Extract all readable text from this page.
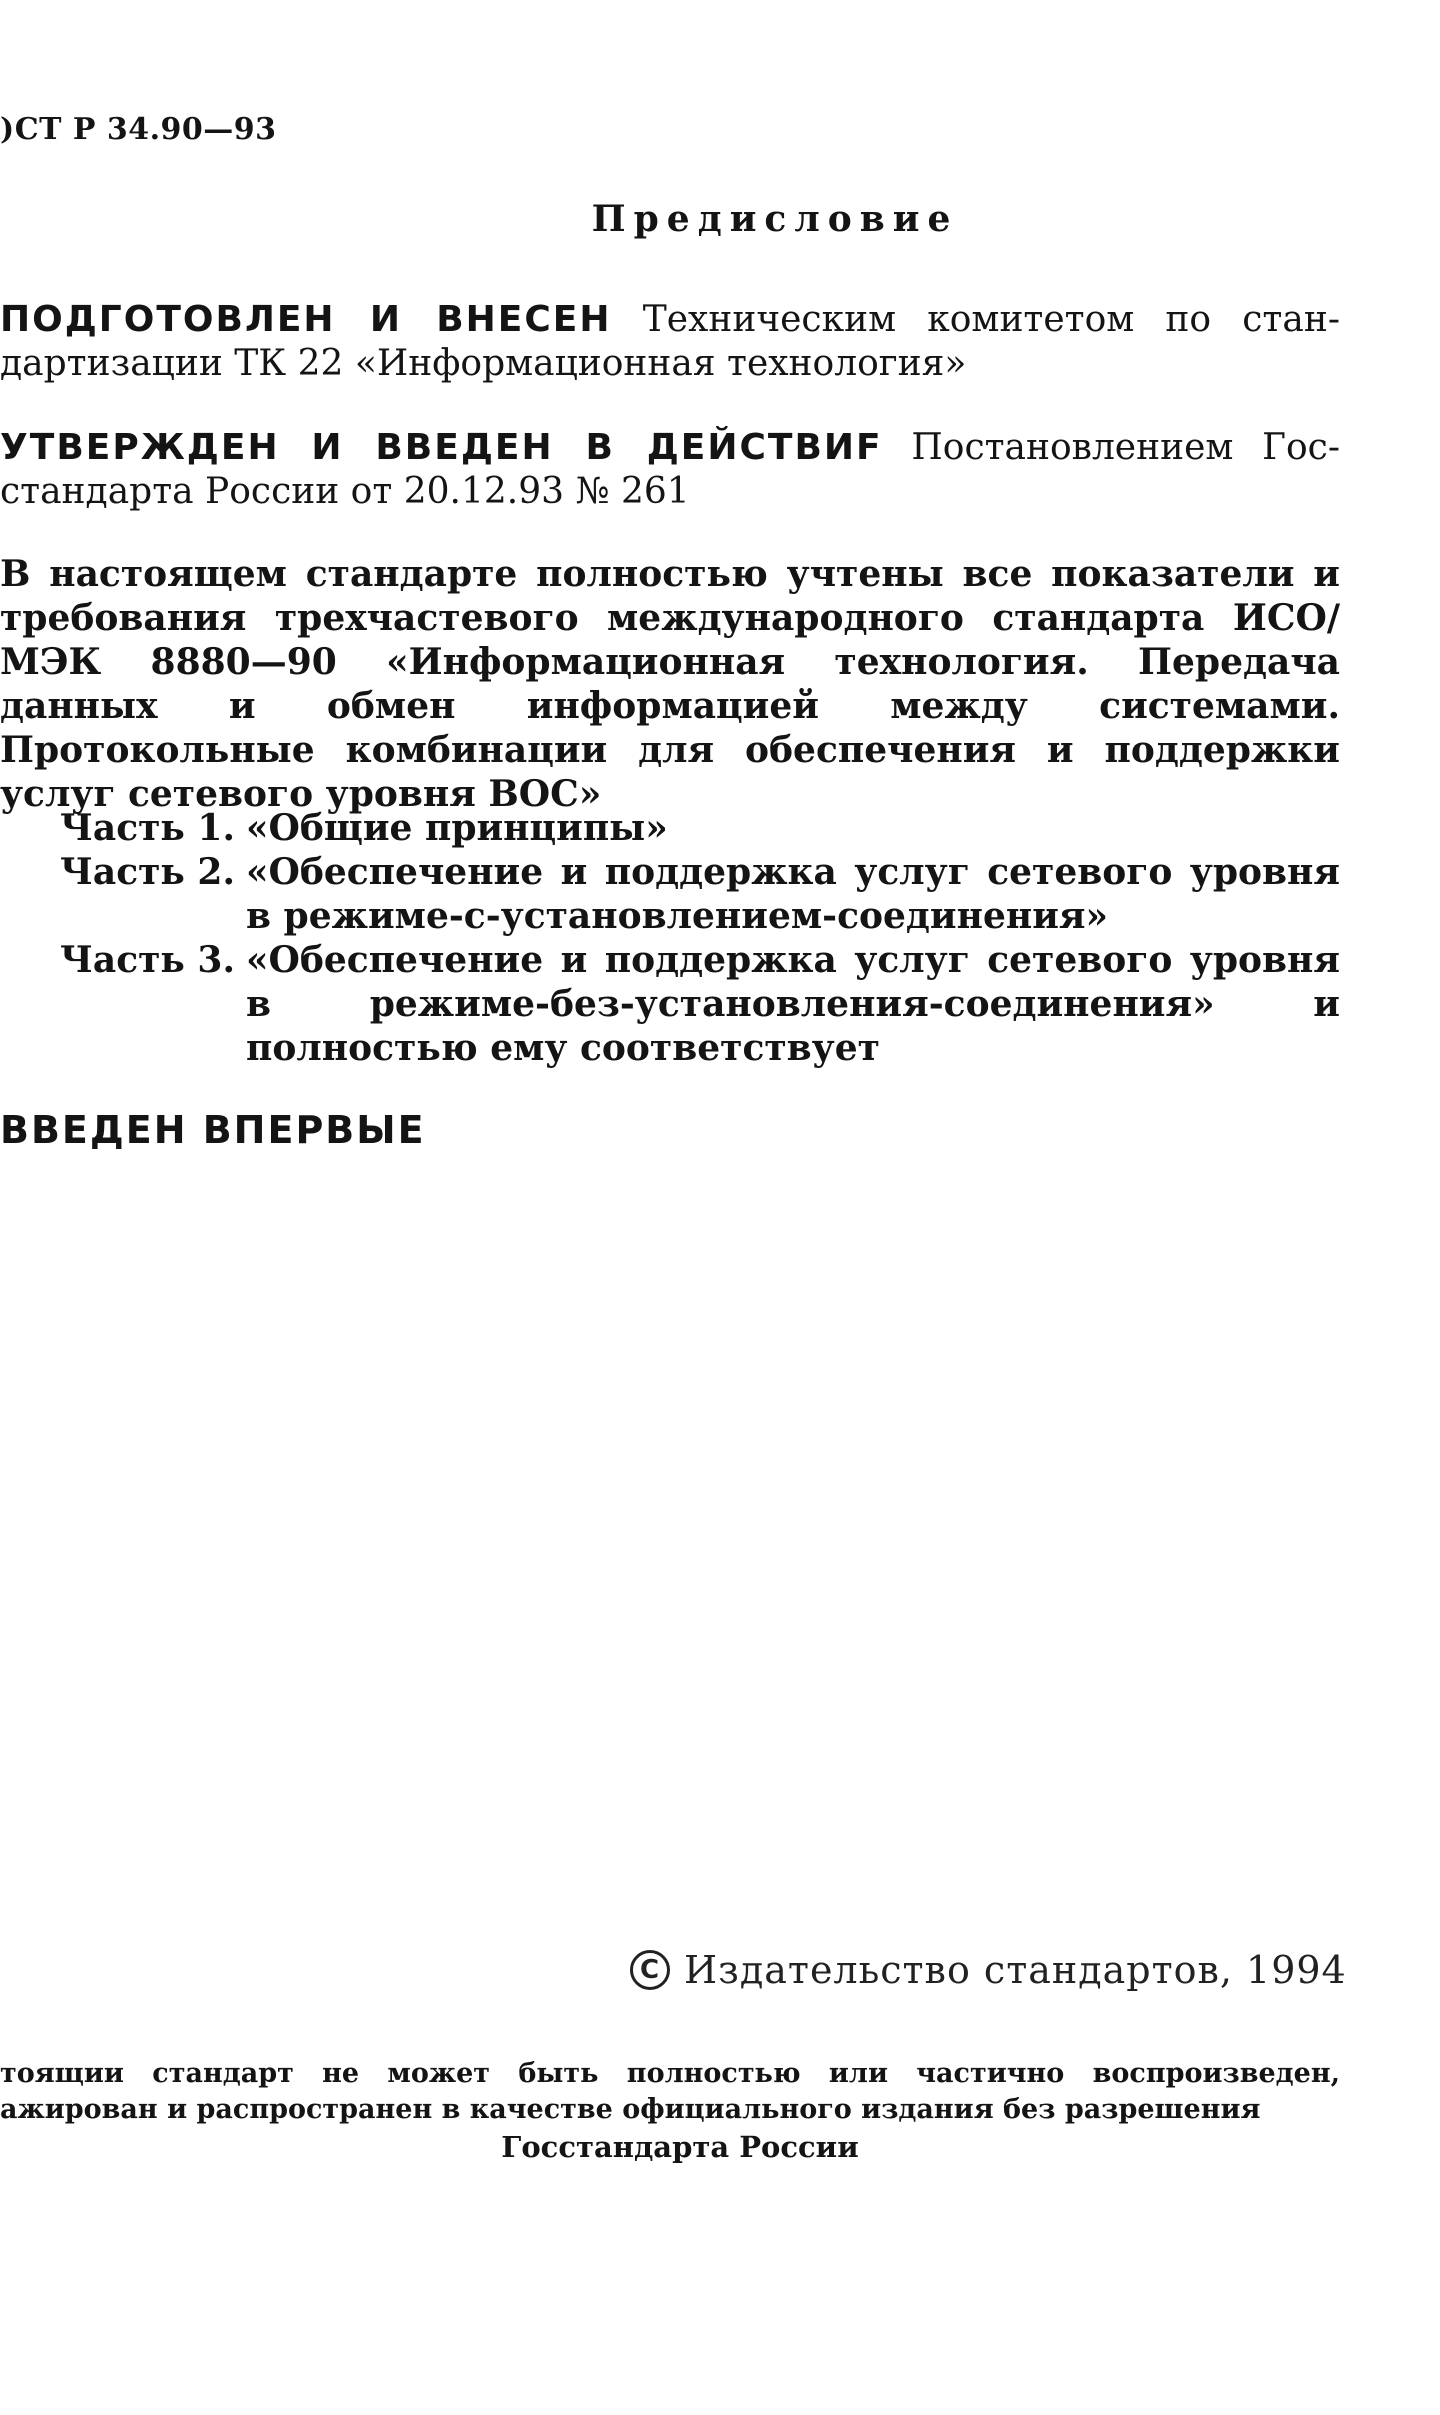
)СТ Р 34.90—93
Предисловие
ПОДГОТОВЛЕН И ВНЕСЕН Техническим комитетом по стандартизации ТК 22 «Информационная технология»
УТВЕРЖДЕН И ВВЕДЕН В ДЕЙСТВИF Постановлением Госстандарта России от 20.12.93 № 261
В настоящем стандарте полностью учтены все показатели и требования трехчастевого международного стандарта ИСО/МЭК 8880—90 «Информационная технология. Передача данных и обмен информацией между системами. Протокольные комбинации для обеспечения и поддержки услуг сетевого уровня ВОС»
Часть 1. «Общие принципы»
Часть 2. «Обеспечение и поддержка услуг сетевого уровня в режиме-с-установлением-соединения»
Часть 3. «Обеспечение и поддержка услуг сетевого уровня в режиме-без-установления-соединения» и полностью ему соответствует
ВВЕДЕН ВПЕРВЫЕ
C Издательство стандартов, 1994
тоящии стандарт не может быть полностью или частично воспроизведен, ажирован и распространен в качестве официального издания без разрешения
Госстандарта России
